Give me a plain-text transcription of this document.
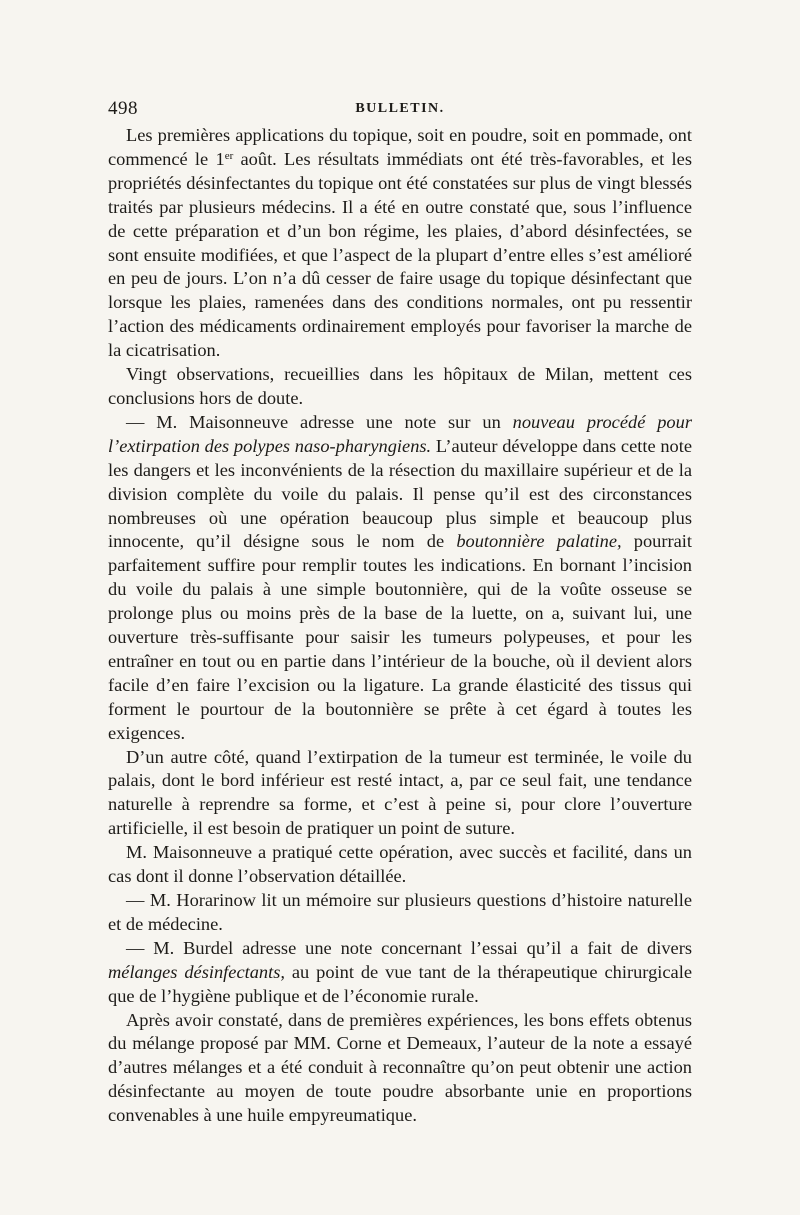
498	BULLETIN.

Les premières applications du topique, soit en poudre, soit en pommade, ont commencé le 1er août. Les résultats immédiats ont été très-favorables, et les propriétés désinfectantes du topique ont été constatées sur plus de vingt blessés traités par plusieurs médecins. Il a été en outre constaté que, sous l’influence de cette préparation et d’un bon régime, les plaies, d’abord désinfectées, se sont ensuite modifiées, et que l’aspect de la plupart d’entre elles s’est amélioré en peu de jours. L’on n’a dû cesser de faire usage du topique désinfectant que lorsque les plaies, ramenées dans des conditions normales, ont pu ressentir l’action des médicaments ordinairement employés pour favoriser la marche de la cicatrisation.

Vingt observations, recueillies dans les hôpitaux de Milan, mettent ces conclusions hors de doute.

— M. Maisonneuve adresse une note sur un nouveau procédé pour l’extirpation des polypes naso-pharyngiens. L’auteur développe dans cette note les dangers et les inconvénients de la résection du maxillaire supérieur et de la division complète du voile du palais. Il pense qu’il est des circonstances nombreuses où une opération beaucoup plus simple et beaucoup plus innocente, qu’il désigne sous le nom de boutonnière palatine, pourrait parfaitement suffire pour remplir toutes les indications. En bornant l’incision du voile du palais à une simple boutonnière, qui de la voûte osseuse se prolonge plus ou moins près de la base de la luette, on a, suivant lui, une ouverture très-suffisante pour saisir les tumeurs polypeuses, et pour les entraîner en tout ou en partie dans l’intérieur de la bouche, où il devient alors facile d’en faire l’excision ou la ligature. La grande élasticité des tissus qui forment le pourtour de la boutonnière se prête à cet égard à toutes les exigences.

D’un autre côté, quand l’extirpation de la tumeur est terminée, le voile du palais, dont le bord inférieur est resté intact, a, par ce seul fait, une tendance naturelle à reprendre sa forme, et c’est à peine si, pour clore l’ouverture artificielle, il est besoin de pratiquer un point de suture.

M. Maisonneuve a pratiqué cette opération, avec succès et facilité, dans un cas dont il donne l’observation détaillée.

— M. Horarinow lit un mémoire sur plusieurs questions d’histoire naturelle et de médecine.

— M. Burdel adresse une note concernant l’essai qu’il a fait de divers mélanges désinfectants, au point de vue tant de la thérapeutique chirurgicale que de l’hygiène publique et de l’économie rurale.

Après avoir constaté, dans de premières expériences, les bons effets obtenus du mélange proposé par MM. Corne et Demeaux, l’auteur de la note a essayé d’autres mélanges et a été conduit à reconnaître qu’on peut obtenir une action désinfectante au moyen de toute poudre absorbante unie en proportions convenables à une huile empyreumatique.
